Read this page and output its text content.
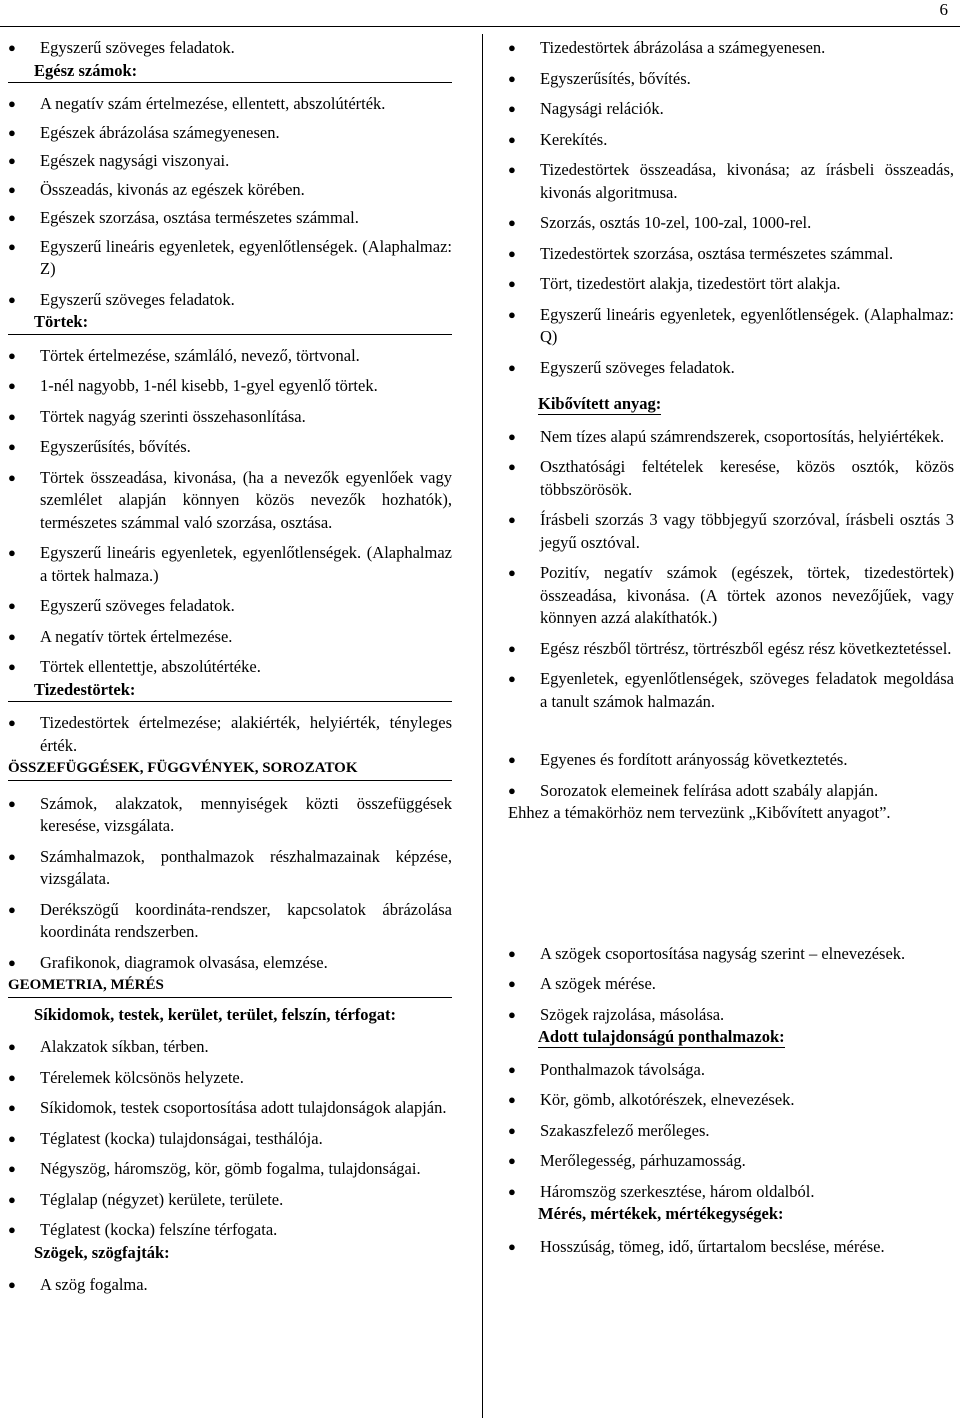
6
● Egyszerű szöveges feladatok.
Egész számok:
● A negatív szám értelmezése, ellentett, abszolútérték.
● Egészek ábrázolása számegyenesen.
● Egészek nagysági viszonyai.
● Összeadás, kivonás az egészek körében.
● Egészek szorzása, osztása természetes számmal.
● Egyszerű lineáris egyenletek, egyenlőtlenségek. (Alaphalmaz: Z)
● Egyszerű szöveges feladatok.
Törtek:
● Törtek értelmezése, számláló, nevező, törtvonal.
● 1-nél nagyobb, 1-nél kisebb, 1-gyel egyenlő törtek.
● Törtek nagyág szerinti összehasonlítása.
● Egyszerűsítés, bővítés.
● Törtek összeadása, kivonása, (ha a nevezők egyenlőek vagy szemlélet alapján könnyen közös nevezők hozhatók), természetes számmal való szorzása, osztása.
● Egyszerű lineáris egyenletek, egyenlőtlenségek. (Alaphalmaz a törtek halmaza.)
● Egyszerű szöveges feladatok.
● A negatív törtek értelmezése.
● Törtek ellentettje, abszolútértéke.
Tizedestörtek:
● Tizedestörtek értelmezése; alakiérték, helyiérték, tényleges érték.
ÖSSZEFÜGGÉSEK, FÜGGVÉNYEK, SOROZATOK
● Számok, alakzatok, mennyiségek közti összefüggések keresése, vizsgálata.
● Számhalmazok, ponthalmazok részhalmazainak képzése, vizsgálata.
● Derékszögű koordináta-rendszer, kapcsolatok ábrázolása koordináta rendszerben.
● Grafikonok, diagramok olvasása, elemzése.
GEOMETRIA, MÉRÉS
Síkidomok, testek, kerület, terület, felszín, térfogat:
● Alakzatok síkban, térben.
● Térelemek kölcsönös helyzete.
● Síkidomok, testek csoportosítása adott tulajdonságok alapján.
● Téglatest (kocka) tulajdonságai, testhálója.
● Négyszög, háromszög, kör, gömb fogalma, tulajdonságai.
● Téglalap (négyzet) kerülete, területe.
● Téglatest (kocka) felszíne térfogata.
Szögek, szögfajták:
● A szög fogalma.
● Tizedestörtek ábrázolása a számegyenesen.
● Egyszerűsítés, bővítés.
● Nagysági relációk.
● Kerekítés.
● Tizedestörtek összeadása, kivonása; az írásbeli összeadás, kivonás algoritmusa.
● Szorzás, osztás 10-zel, 100-zal, 1000-rel.
● Tizedestörtek szorzása, osztása természetes számmal.
● Tört, tizedestört alakja, tizedestört tört alakja.
● Egyszerű lineáris egyenletek, egyenlőtlenségek. (Alaphalmaz: Q)
● Egyszerű szöveges feladatok.
Kibővített anyag:
● Nem tízes alapú számrendszerek, csoportosítás, helyiértékek.
● Oszthatósági feltételek keresése, közös osztók, közös többszörösök.
● Írásbeli szorzás 3 vagy többjegyű szorzóval, írásbeli osztás 3 jegyű osztóval.
● Pozitív, negatív számok (egészek, törtek, tizedestörtek) összeadása, kivonása. (A törtek azonos nevezőjűek, vagy könnyen azzá alakíthatók.)
● Egész részből törtrész, törtrészből egész rész következtetéssel.
● Egyenletek, egyenlőtlenségek, szöveges feladatok megoldása a tanult számok halmazán.
● Egyenes és fordított arányosság következtetés.
● Sorozatok elemeinek felírása adott szabály alapján.
Ehhez a témakörhöz nem tervezünk „Kibővített anyagot”.
● A szögek csoportosítása nagyság szerint – elnevezések.
● A szögek mérése.
● Szögek rajzolása, másolása.
Adott tulajdonságú ponthalmazok:
● Ponthalmazok távolsága.
● Kör, gömb, alkotórészek, elnevezések.
● Szakaszfelező merőleges.
● Merőlegesség, párhuzamosság.
● Háromszög szerkesztése, három oldalból.
Mérés, mértékek, mértékegységek:
● Hosszúság, tömeg, idő, űrtartalom becslése, mérése.
